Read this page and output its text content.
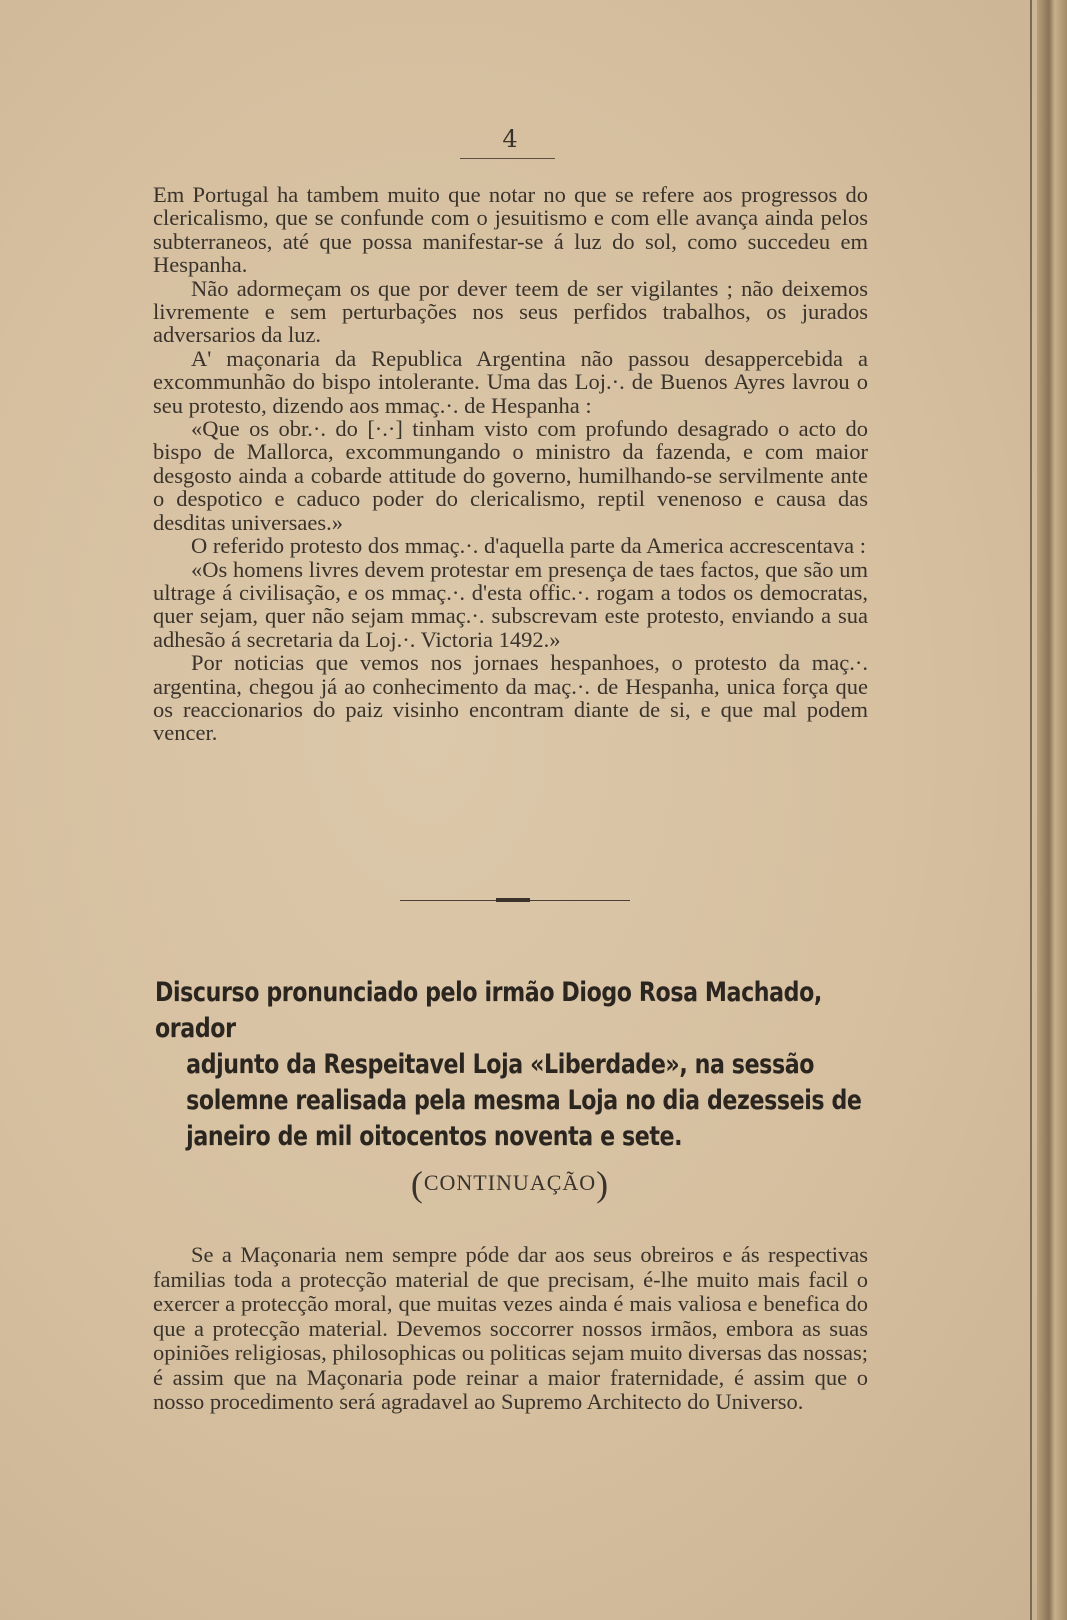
4

Em Portugal ha tambem muito que notar no que se refere aos progressos do clericalismo, que se confunde com o jesuitismo e com elle avança ainda pelos subterraneos, até que possa manifestar-se á luz do sol, como succedeu em Hespanha.

Não adormeçam os que por dever teem de ser vigilantes ; não deixemos livremente e sem perturbações nos seus perfidos trabalhos, os jurados adversarios da luz.

A' maçonaria da Republica Argentina não passou desappercebida a excommunhão do bispo intolerante. Uma das Loj.·. de Buenos Ayres lavrou o seu protesto, dizendo aos mmaç.·. de Hespanha :

«Que os obr.·. do [·.·] tinham visto com profundo desagrado o acto do bispo de Mallorca, excommungando o ministro da fazenda, e com maior desgosto ainda a cobarde attitude do governo, humilhando-se servilmente ante o despotico e caduco poder do clericalismo, reptil venenoso e causa das desditas universaes.»

O referido protesto dos mmaç.·. d'aquella parte da America accrescentava :

«Os homens livres devem protestar em presença de taes factos, que são um ultrage á civilisação, e os mmaç.·. d'esta offic.·. rogam a todos os democratas, quer sejam, quer não sejam mmaç.·. subscrevam este protesto, enviando a sua adhesão á secretaria da Loj.·. Victoria 1492.»

Por noticias que vemos nos jornaes hespanhoes, o protesto da maç.·. argentina, chegou já ao conhecimento da maç.·. de Hespanha, unica força que os reaccionarios do paiz visinho encontram diante de si, e que mal podem vencer.

Discurso pronunciado pelo irmão Diogo Rosa Machado, orador
adjunto da Respeitavel Loja «Liberdade», na sessão solemne realisada pela mesma Loja no dia dezesseis de janeiro de mil oitocentos noventa e sete.
(CONTINUAÇÃO)

Se a Maçonaria nem sempre póde dar aos seus obreiros e ás respectivas familias toda a protecção material de que precisam, é-lhe muito mais facil o exercer a protecção moral, que muitas vezes ainda é mais valiosa e benefica do que a protecção material. Devemos soccorrer nossos irmãos, embora as suas opiniões religiosas, philosophicas ou politicas sejam muito diversas das nossas; é assim que na Maçonaria pode reinar a maior fraternidade, é assim que o nosso procedimento será agradavel ao Supremo Architecto do Universo.
